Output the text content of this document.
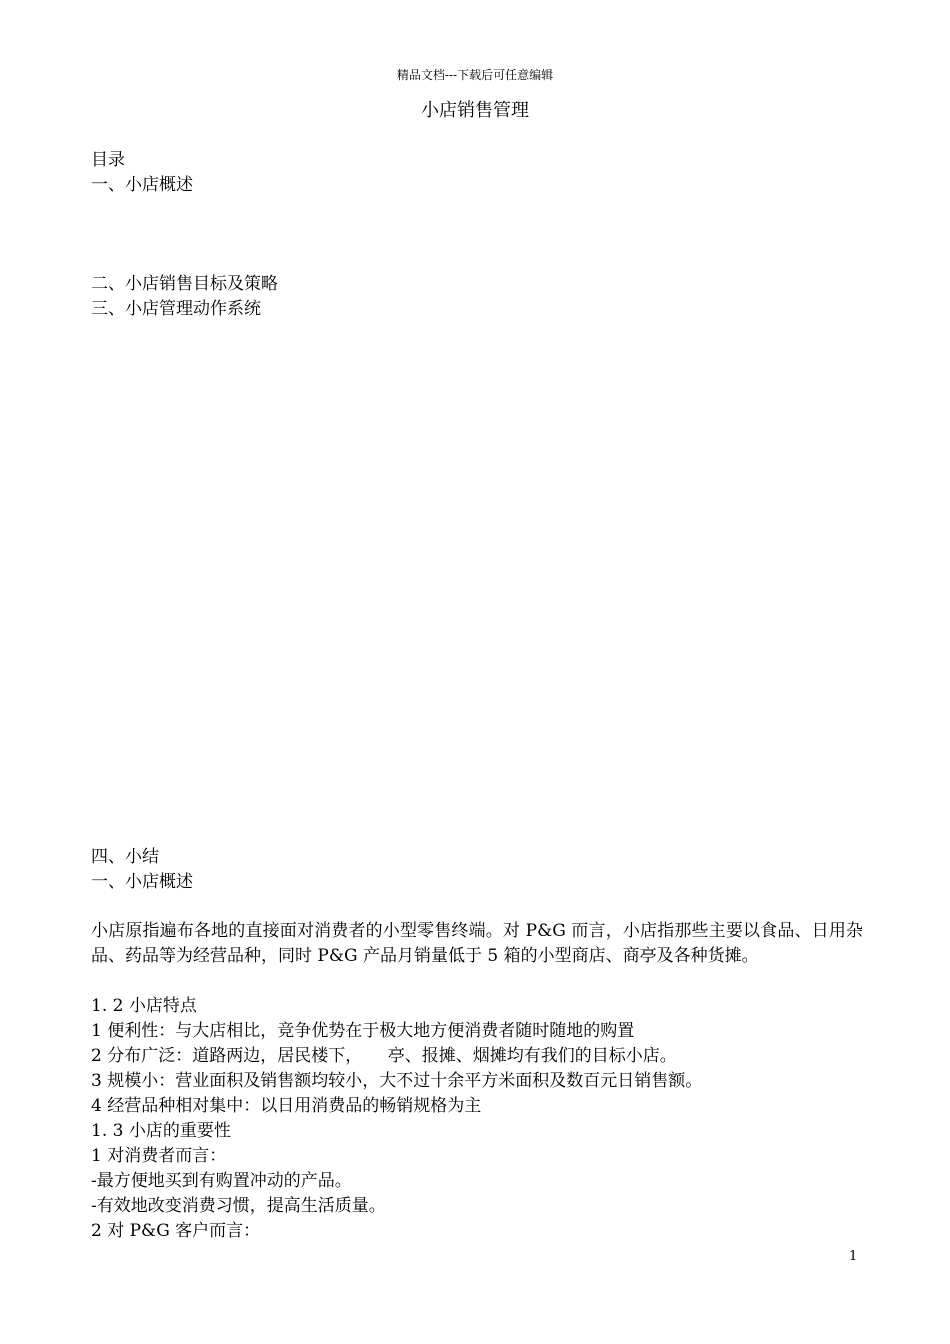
精品文档---下载后可任意编辑
小店销售管理
目录
一、小店概述
二、小店销售目标及策略
三、小店管理动作系统
四、小结
一、小店概述
小店原指遍布各地的直接面对消费者的小型零售终端。对 P&G 而言，小店指那些主要以食品、日用杂品、药品等为经营品种，同时 P&G 产品月销量低于 5 箱的小型商店、商亭及各种货摊。
1. 2 小店特点
1 便利性：与大店相比，竞争优势在于极大地方便消费者随时随地的购置
2 分布广泛：道路两边，居民楼下，　　亭、报摊、烟摊均有我们的目标小店。
3 规模小：营业面积及销售额均较小，大不过十余平方米面积及数百元日销售额。
4 经营品种相对集中：以日用消费品的畅销规格为主
1. 3 小店的重要性
1 对消费者而言：
-最方便地买到有购置冲动的产品。
-有效地改变消费习惯，提高生活质量。
2 对 P&G 客户而言：
1
